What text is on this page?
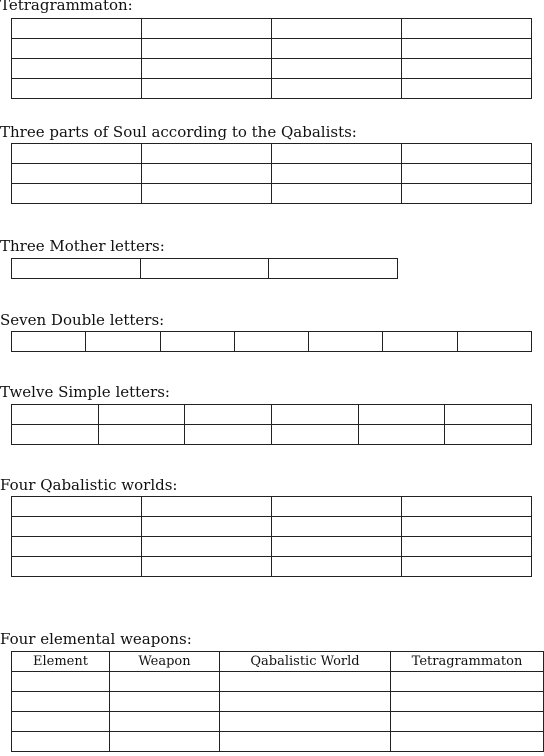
Tetragrammaton:

Three parts of Soul according to the Qabalists:

Three Mother letters:

Seven Double letters:

Twelve Simple letters:

Four Qabalistic worlds:

Four elemental weapons:
Element	Weapon	Qabalistic World	Tetragrammaton
